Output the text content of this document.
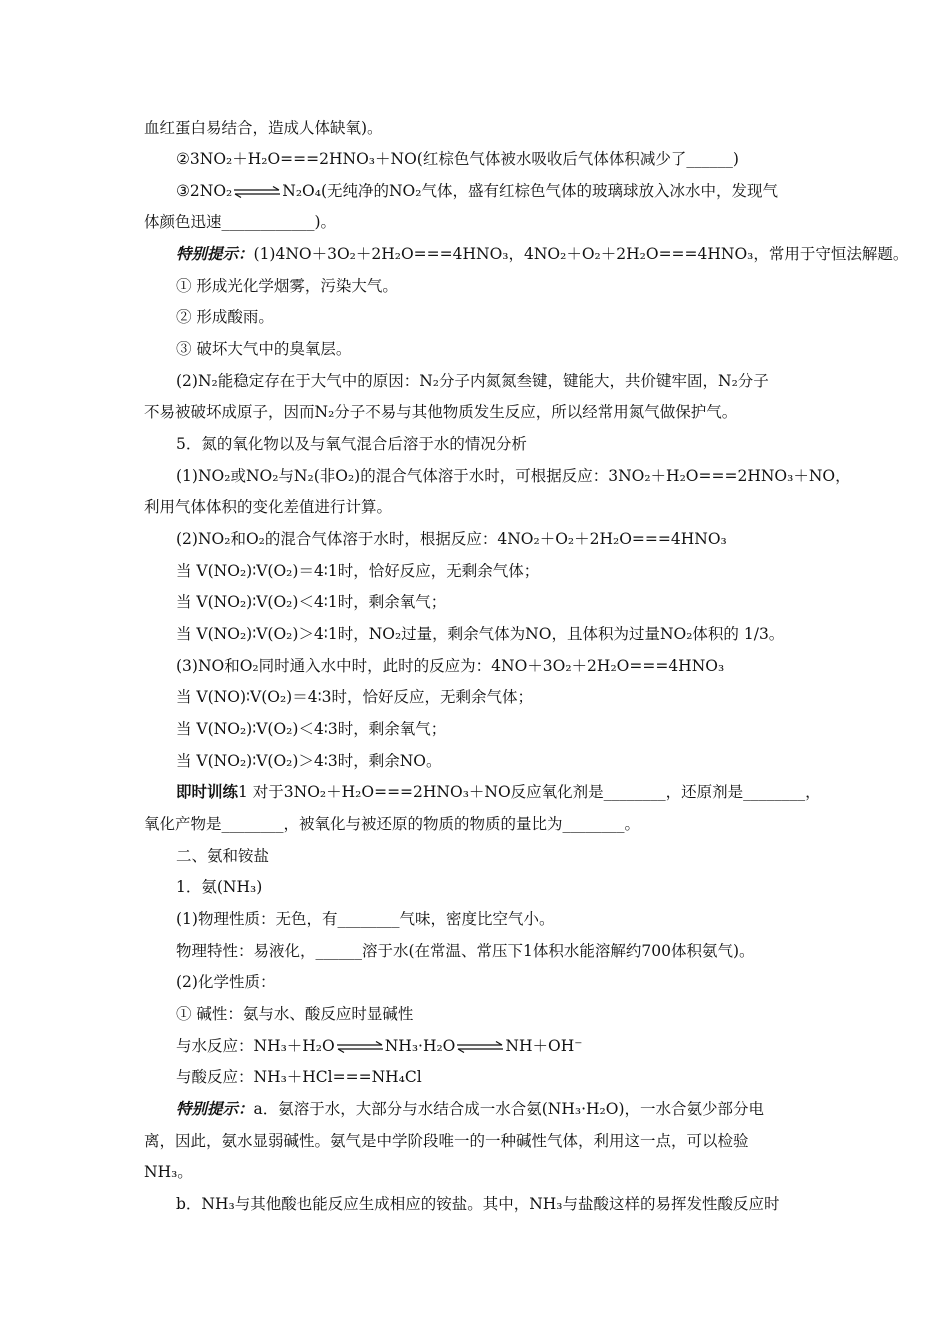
血红蛋白易结合，造成人体缺氧)。
②3NO₂＋H₂O===2HNO₃＋NO(红棕色气体被水吸收后气体体积减少了______)
③2NO₂⇌N₂O₄(无纯净的NO₂气体，盛有红棕色气体的玻璃球放入冰水中，发现气
体颜色迅速____________)。
特别提示：(1)4NO＋3O₂＋2H₂O===4HNO₃，4NO₂＋O₂＋2H₂O===4HNO₃，常用于守恒法解题。
① 形成光化学烟雾，污染大气。
② 形成酸雨。
③ 破坏大气中的臭氧层。
(2)N₂能稳定存在于大气中的原因：N₂分子内氮氮叁键，键能大，共价键牢固，N₂分子
不易被破坏成原子，因而N₂分子不易与其他物质发生反应，所以经常用氮气做保护气。
5．氮的氧化物以及与氧气混合后溶于水的情况分析
(1)NO₂或NO₂与N₂(非O₂)的混合气体溶于水时，可根据反应：3NO₂＋H₂O===2HNO₃＋NO，
利用气体体积的变化差值进行计算。
(2)NO₂和O₂的混合气体溶于水时，根据反应：4NO₂＋O₂＋2H₂O===4HNO₃
当 V(NO₂)∶V(O₂)＝4∶1时，恰好反应，无剩余气体；
当 V(NO₂)∶V(O₂)＜4∶1时，剩余氧气；
当 V(NO₂)∶V(O₂)＞4∶1时，NO₂过量，剩余气体为NO，且体积为过量NO₂体积的 1/3。
(3)NO和O₂同时通入水中时，此时的反应为：4NO＋3O₂＋2H₂O===4HNO₃
当 V(NO)∶V(O₂)＝4∶3时，恰好反应，无剩余气体；
当 V(NO₂)∶V(O₂)＜4∶3时，剩余氧气；
当 V(NO₂)∶V(O₂)＞4∶3时，剩余NO。
即时训练1 对于3NO₂＋H₂O===2HNO₃＋NO反应氧化剂是________，还原剂是________，
氧化产物是________，被氧化与被还原的物质的物质的量比为________。
二、氨和铵盐
1．氨(NH₃)
(1)物理性质：无色，有________气味，密度比空气小。
物理特性：易液化，______溶于水(在常温、常压下1体积水能溶解约700体积氨气)。
(2)化学性质：
① 碱性：氨与水、酸反应时显碱性
与水反应：NH₃＋H₂O⇌NH₃·H₂O⇌NH＋OH⁻
与酸反应：NH₃＋HCl===NH₄Cl
特别提示：a．氨溶于水，大部分与水结合成一水合氨(NH₃·H₂O)，一水合氨少部分电
离，因此，氨水显弱碱性。氨气是中学阶段唯一的一种碱性气体，利用这一点，可以检验
NH₃。
b．NH₃与其他酸也能反应生成相应的铵盐。其中，NH₃与盐酸这样的易挥发性酸反应时
